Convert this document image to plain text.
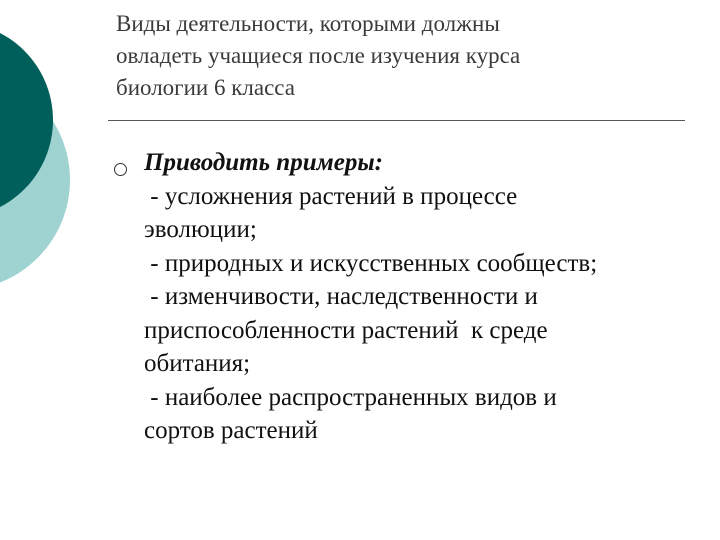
Виды деятельности, которыми должны
овладеть учащиеся после изучения курса
биологии 6 класса
Приводить примеры:
- усложнения растений в процессе
эволюции;
- природных и искусственных сообществ;
- изменчивости, наследственности и
приспособленности растений  к среде
обитания;
- наиболее распространенных видов и
сортов растений
